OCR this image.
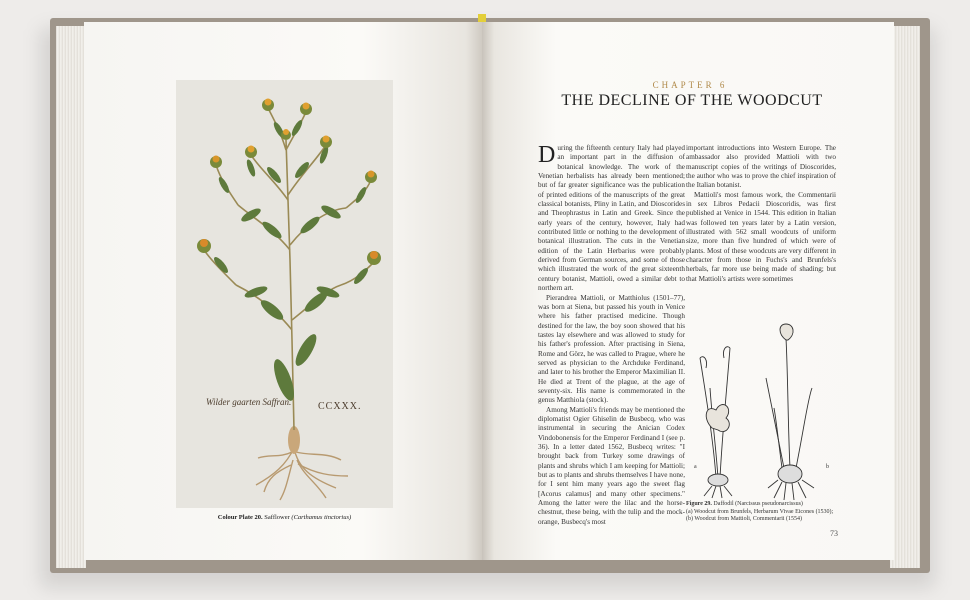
Wilder gaarten Saffran.	CCXXX.
Colour Plate 20. Safflower (Carthamus tinctorius)
CHAPTER 6
THE DECLINE OF THE WOODCUT

During the fifteenth century Italy had played an important part in the diffusion of botanical knowledge. The work of the Venetian herbalists has already been mentioned; but of far greater significance was the publication of printed editions of the manuscripts of the great classical botanists, Pliny in Latin, and Dioscorides and Theophrastus in Latin and Greek. Since the early years of the century, however, Italy had contributed little or nothing to the development of botanical illustration. The cuts in the Venetian edition of the Latin Herbarius were probably derived from German sources, and some of those which illustrated the work of the great sixteenth century botanist, Mattioli, owed a similar debt to northern art.

Pierandrea Mattioli, or Matthiolus (1501–77), was born at Siena, but passed his youth in Venice where his father practised medicine. Though destined for the law, the boy soon showed that his tastes lay elsewhere and was allowed to study for his father's profession. After practising in Siena, Rome and Görz, he was called to Prague, where he served as physician to the Archduke Ferdinand, and later to his brother the Emperor Maximilian II. He died at Trent of the plague, at the age of seventy-six. His name is commemorated in the genus Matthiola (stock).

Among Mattioli's friends may be mentioned the diplomatist Ogier Ghiselin de Busbecq, who was instrumental in securing the Anician Codex Vindobonensis for the Emperor Ferdinand I (see p. 36). In a letter dated 1562, Busbecq writes: "I brought back from Turkey some drawings of plants and shrubs which I am keeping for Mattioli; but as to plants and shrubs themselves I have none, for I sent him many years ago the sweet flag [Acorus calamus] and many other specimens." Among the latter were the lilac and the horse-chestnut, these being, with the tulip and the mock-orange, Busbecq's most

important introductions into Western Europe. The ambassador also provided Mattioli with two manuscript copies of the writings of Dioscorides, the author who was to prove the chief inspiration of the Italian botanist.

Mattioli's most famous work, the Commentarii in sex Libros Pedacii Dioscoridis, was first published at Venice in 1544. This edition in Italian was followed ten years later by a Latin version, illustrated with 562 small woodcuts of uniform size, more than five hundred of which were of plants. Most of these woodcuts are very different in character from those in Fuchs's and Brunfels's herbals, far more use being made of shading; but that Mattioli's artists were sometimes

a	b
Figure 29. Daffodil (Narcissus pseudonarcissus)
(a) Woodcut from Brunfels, Herbarum Vivae Eicones (1530);
(b) Woodcut from Mattioli, Commentarii (1554)
73
